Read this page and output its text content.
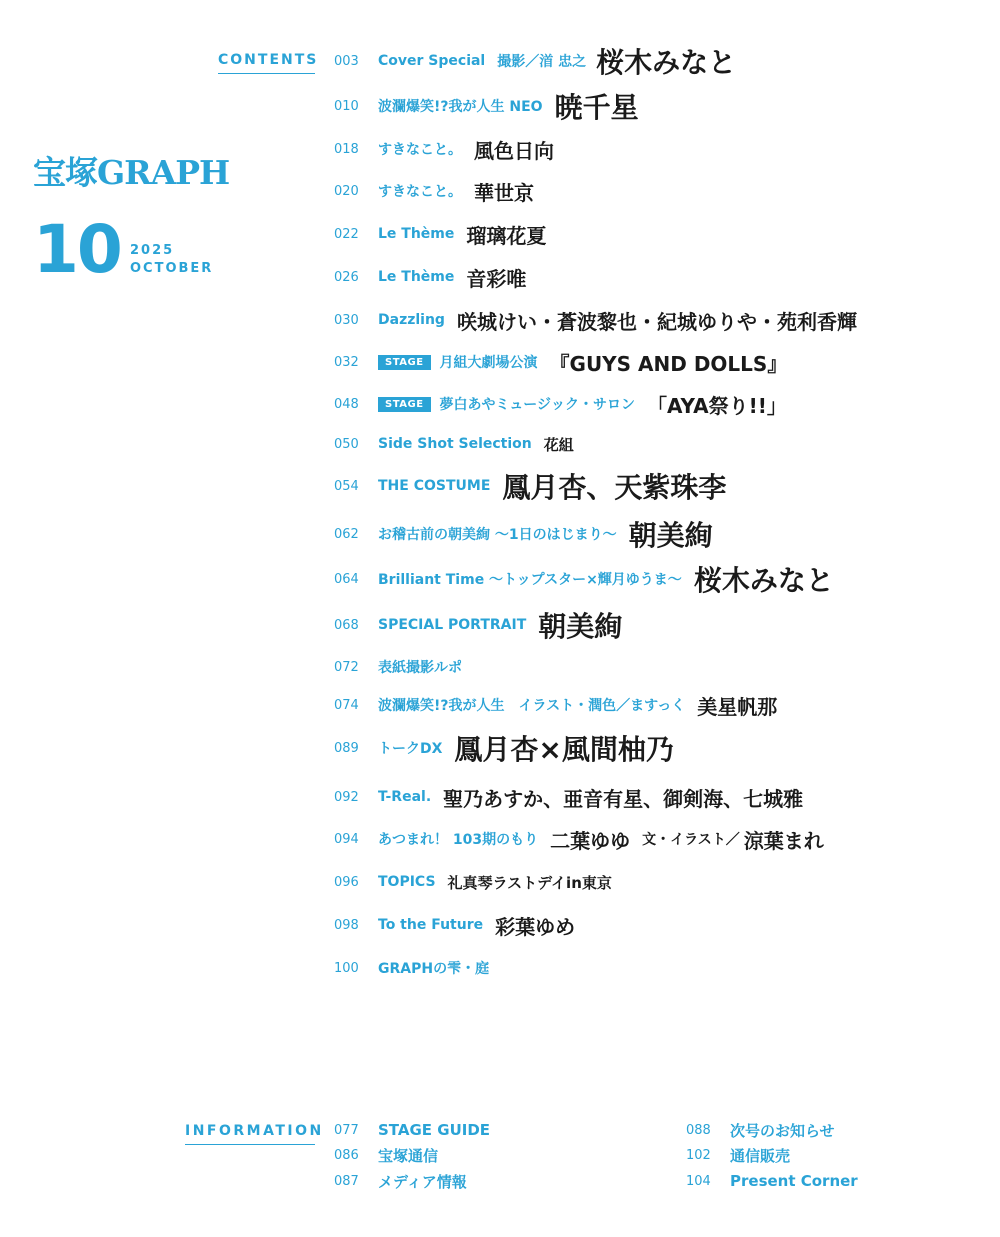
CONTENTS
宝塚GRAPH
10 2025
OCTOBER
003	Cover Special 撮影／渞 忠之 桜木みなと
010	波瀾爆笑!?我が人生 NEO 暁千星
018	すきなこと。 風色日向
020	すきなこと。 華世京
022	Le Thème 瑠璃花夏
026	Le Thème 音彩唯
030	Dazzling 咲城けい・蒼波黎也・紀城ゆりや・苑利香輝
032	STAGE	月組大劇場公演 『GUYS AND DOLLS』
048	STAGE	夢白あやミュージック・サロン 「AYA祭り!!」
050	Side Shot Selection 花組
054	THE COSTUME 鳳月杏、天紫珠李
062	お稽古前の朝美絢 〜1日のはじまり〜 朝美絢
064	Brilliant Time 〜トップスター×輝月ゆうま〜 桜木みなと
068	SPECIAL PORTRAIT 朝美絢
072	表紙撮影ルポ
074	波瀾爆笑!?我が人生　イラスト・潤色／ますっく 美星帆那
089	トークDX 鳳月杏×風間柚乃
092	T-Real. 聖乃あすか、亜音有星、御剣海、七城雅
094	あつまれ！ 103期のもり 二葉ゆゆ 文・イラスト／ 涼葉まれ
096	TOPICS 礼真琴ラストデイin東京
098	To the Future 彩葉ゆめ
100	GRAPHの雫・庭
INFORMATION 077	STAGE GUIDE
086	宝塚通信
087	メディア情報
088	次号のお知らせ
102	通信販売
104	Present Corner
